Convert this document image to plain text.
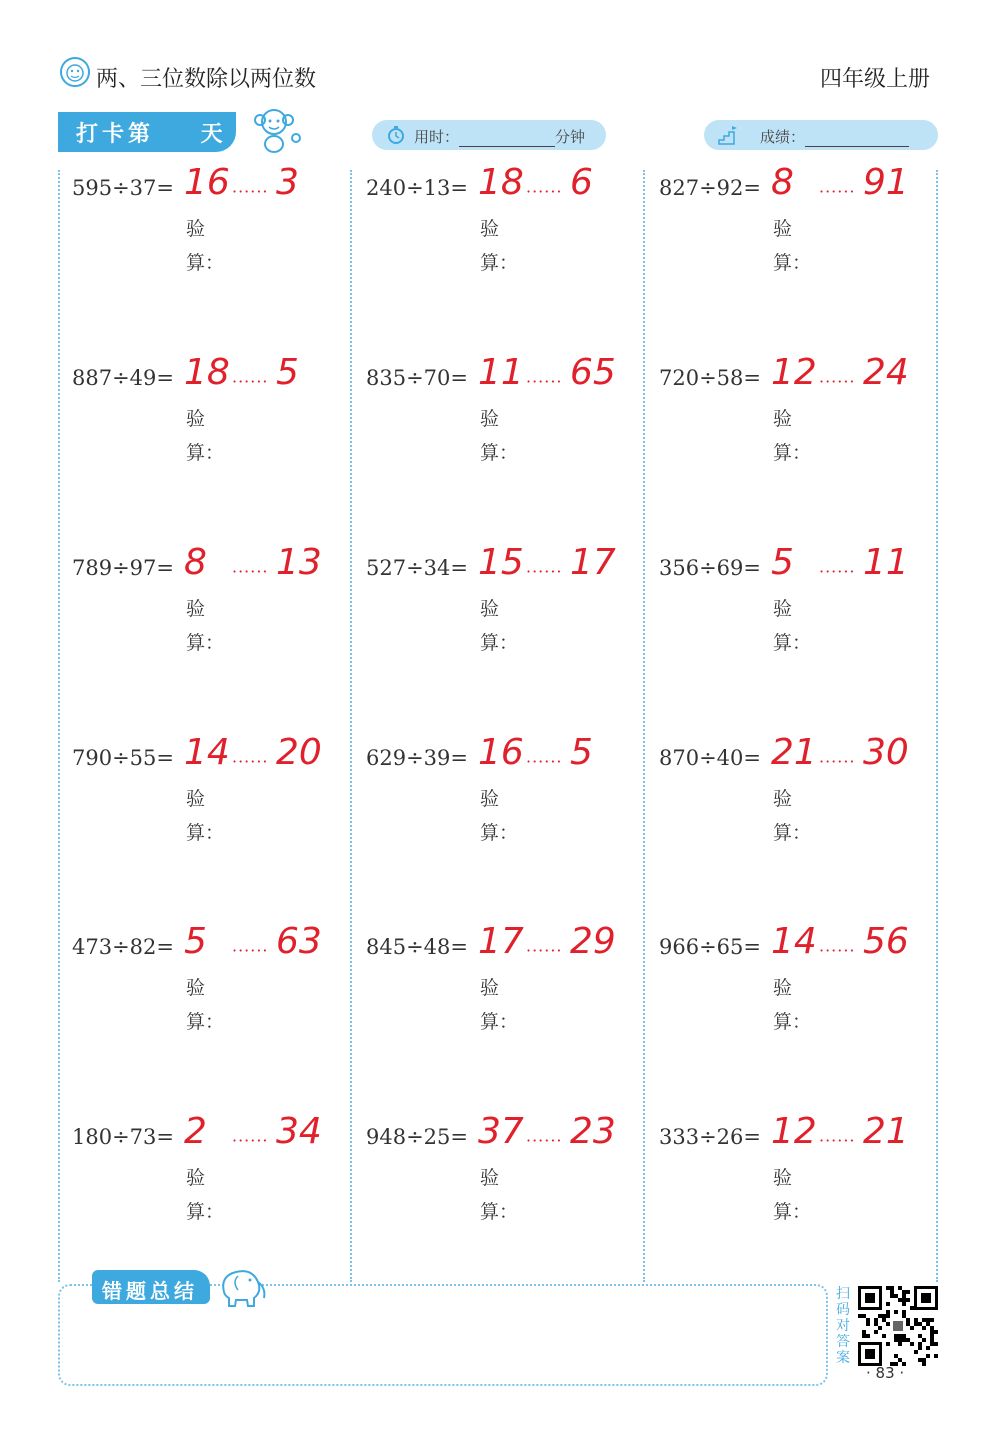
两、三位数除以两位数	四年级上册
打卡第    天	用时：	分钟	成绩：
595÷37= 16 ······ 3
验
算：
240÷13= 18 ······ 6
验
算：
827÷92= 8 ······ 91
验
算：
887÷49= 18 ······ 5
验
算：
835÷70= 11 ······ 65
验
算：
720÷58= 12 ······ 24
验
算：
789÷97= 8 ······ 13
验
算：
527÷34= 15 ······ 17
验
算：
356÷69= 5 ······ 11
验
算：
790÷55= 14 ······ 20
验
算：
629÷39= 16 ······ 5
验
算：
870÷40= 21 ······ 30
验
算：
473÷82= 5 ······ 63
验
算：
845÷48= 17 ······ 29
验
算：
966÷65= 14 ······ 56
验
算：
180÷73= 2 ······ 34
验
算：
948÷25= 37 ······ 23
验
算：
333÷26= 12 ······ 21
验
算：
错题总结	扫码对答案
· 83 ·
